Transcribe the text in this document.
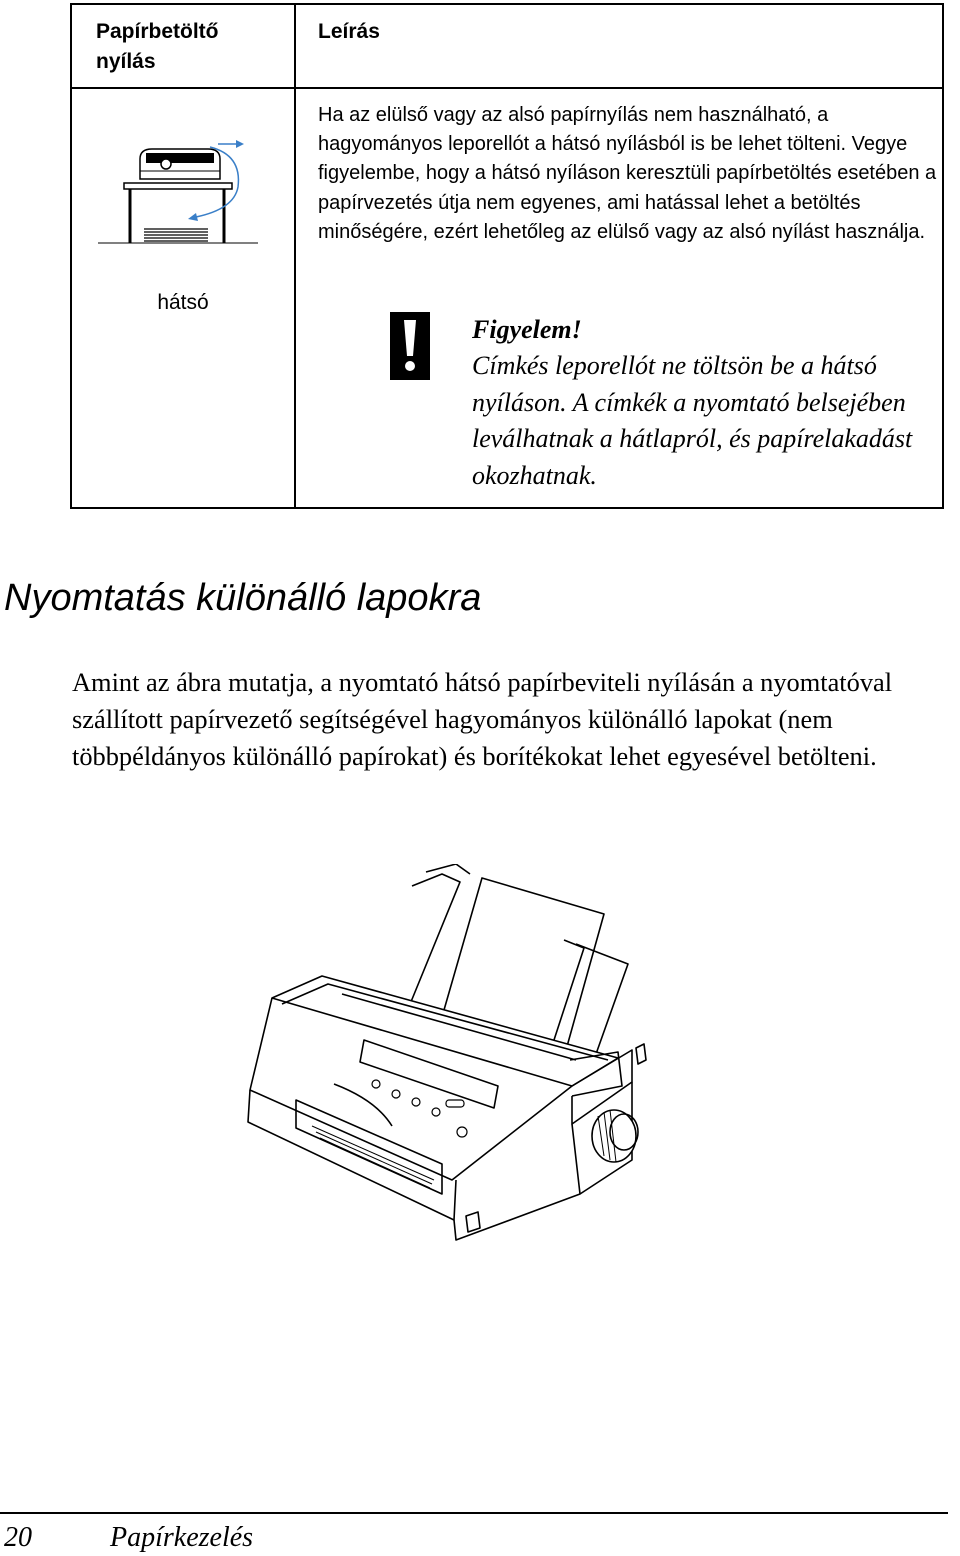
Papírbetöltő nyílás
Leírás
hátsó

Ha az elülső vagy az alsó papírnyílás nem használható, a hagyományos leporellót a hátsó nyílásból is be lehet tölteni. Vegye figyelembe, hogy a hátsó nyíláson keresztüli papírbetöltés esetében a papírvezetés útja nem egyenes, ami hatással lehet a betöltés minőségére, ezért lehetőleg az elülső vagy az alsó nyílást használja.

Figyelem!

Címkés leporellót ne töltsön be a hátsó nyíláson. A címkék a nyomtató belsejében leválhatnak a hátlapról, és papírelakadást okozhatnak.

Nyomtatás különálló lapokra

Amint az ábra mutatja, a nyomtató hátsó papírbeviteli nyílásán a nyomtatóval szállított papírvezető segítségével hagyományos különálló lapokat (nem többpéldányos különálló papírokat) és borítékokat lehet egyesével betölteni.

20	Papírkezelés
